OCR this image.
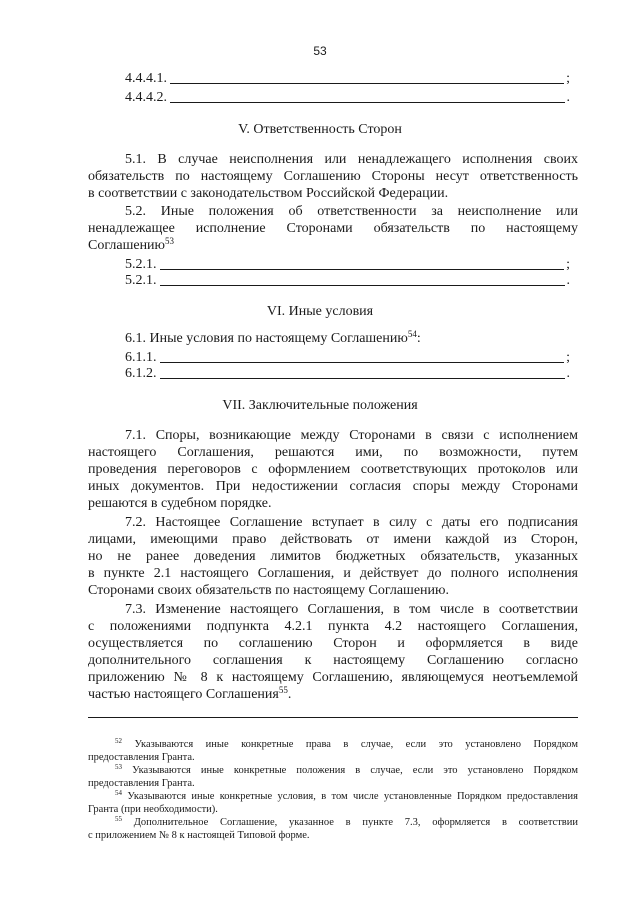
53
4.4.4.1.	;
4.4.4.2.	.
V. Ответственность Сторон
5.1. В случае неисполнения или ненадлежащего исполнения своих
обязательств по настоящему Соглашению Стороны несут ответственность
в соответствии с законодательством Российской Федерации.
5.2. Иные положения об ответственности за неисполнение или
ненадлежащее исполнение Сторонами обязательств по настоящему
Соглашению$^{53}$
5.2.1.	;
5.2.1.	.
VI. Иные условия
6.1. Иные условия по настоящему Соглашению$^{54}$:
6.1.1.	;
6.1.2.	.
VII. Заключительные положения
7.1. Споры, возникающие между Сторонами в связи с исполнением
настоящего Соглашения, решаются ими, по возможности, путем
проведения переговоров с оформлением соответствующих протоколов или
иных документов. При недостижении согласия споры между Сторонами
решаются в судебном порядке.
7.2. Настоящее Соглашение вступает в силу с даты его подписания
лицами, имеющими право действовать от имени каждой из Сторон,
но не ранее доведения лимитов бюджетных обязательств, указанных
в пункте 2.1 настоящего Соглашения, и действует до полного исполнения
Сторонами своих обязательств по настоящему Соглашению.
7.3. Изменение настоящего Соглашения, в том числе в соответствии
с положениями подпункта 4.2.1 пункта 4.2 настоящего Соглашения,
осуществляется по соглашению Сторон и оформляется в виде
дополнительного соглашения к настоящему Соглашению согласно
приложению № 8 к настоящему Соглашению, являющемуся неотъемлемой
частью настоящего Соглашения$^{55}$.
$^{52}$ Указываются иные конкретные права в случае, если это установлено Порядком
предоставления Гранта.
$^{53}$ Указываются иные конкретные положения в случае, если это установлено Порядком
предоставления Гранта.
$^{54}$ Указываются иные конкретные условия, в том числе установленные Порядком предоставления
Гранта (при необходимости).
$^{55}$ Дополнительное Соглашение, указанное в пункте 7.3, оформляется в соответствии
с приложением № 8 к настоящей Типовой форме.
